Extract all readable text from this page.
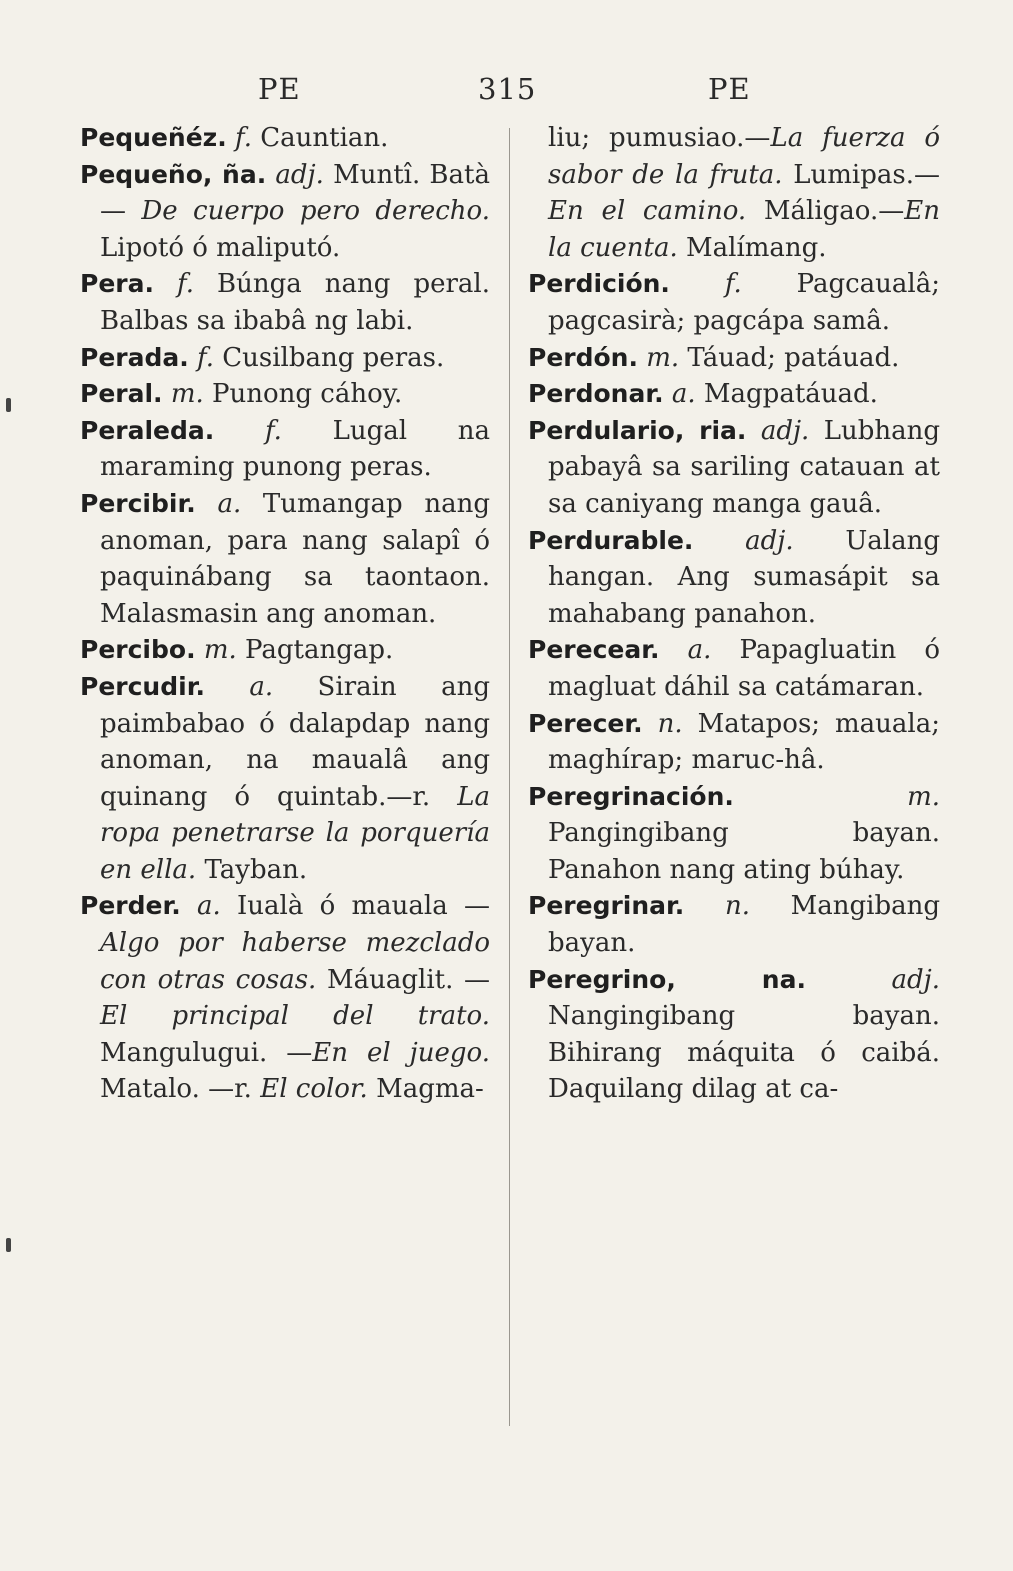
PE	315	PE

Pequeñéz. f. Cauntian.

Pequeño, ña. adj. Muntî. Batà — De cuerpo pero derecho. Lipotó ó maliputó.

Pera. f. Búnga nang peral. Balbas sa ibabâ ng labi.

Perada. f. Cusilbang peras.

Peral. m. Punong cáhoy.

Peraleda. f. Lugal na maraming punong peras.

Percibir. a. Tumangap nang anoman, para nang salapî ó paquinábang sa taontaon. Malasmasin ang anoman.

Percibo. m. Pagtangap.

Percudir. a. Sirain ang paimbabao ó dalapdap nang anoman, na maualâ ang quinang ó quintab.—r. La ropa penetrarse la porquería en ella. Tayban.

Perder. a. Iualà ó mauala —Algo por haberse mezclado con otras cosas. Máuaglit. —El principal del trato. Mangulugui. —En el juego. Matalo. —r. El color. Magma-

liu; pumusiao.—La fuerza ó sabor de la fruta. Lumipas.—En el camino. Máligao.—En la cuenta. Malímang.

Perdición. f. Pagcaualâ; pagcasirà; pagcápa samâ.

Perdón. m. Táuad; patáuad.

Perdonar. a. Magpatáuad.

Perdulario, ria. adj. Lubhang pabayâ sa sariling catauan at sa caniyang manga gauâ.

Perdurable. adj. Ualang hangan. Ang sumasápit sa mahabang panahon.

Perecear. a. Papagluatin ó magluat dáhil sa catámaran.

Perecer. n. Matapos; mauala; maghírap; maruc-hâ.

Peregrinación.	m. Pangingibang bayan. Panahon nang ating búhay.

Peregrinar. n. Mangibang bayan.

Peregrino, na.	adj. Nangingibang bayan. Bihirang máquita ó caibá. Daquilang dilag at ca-
